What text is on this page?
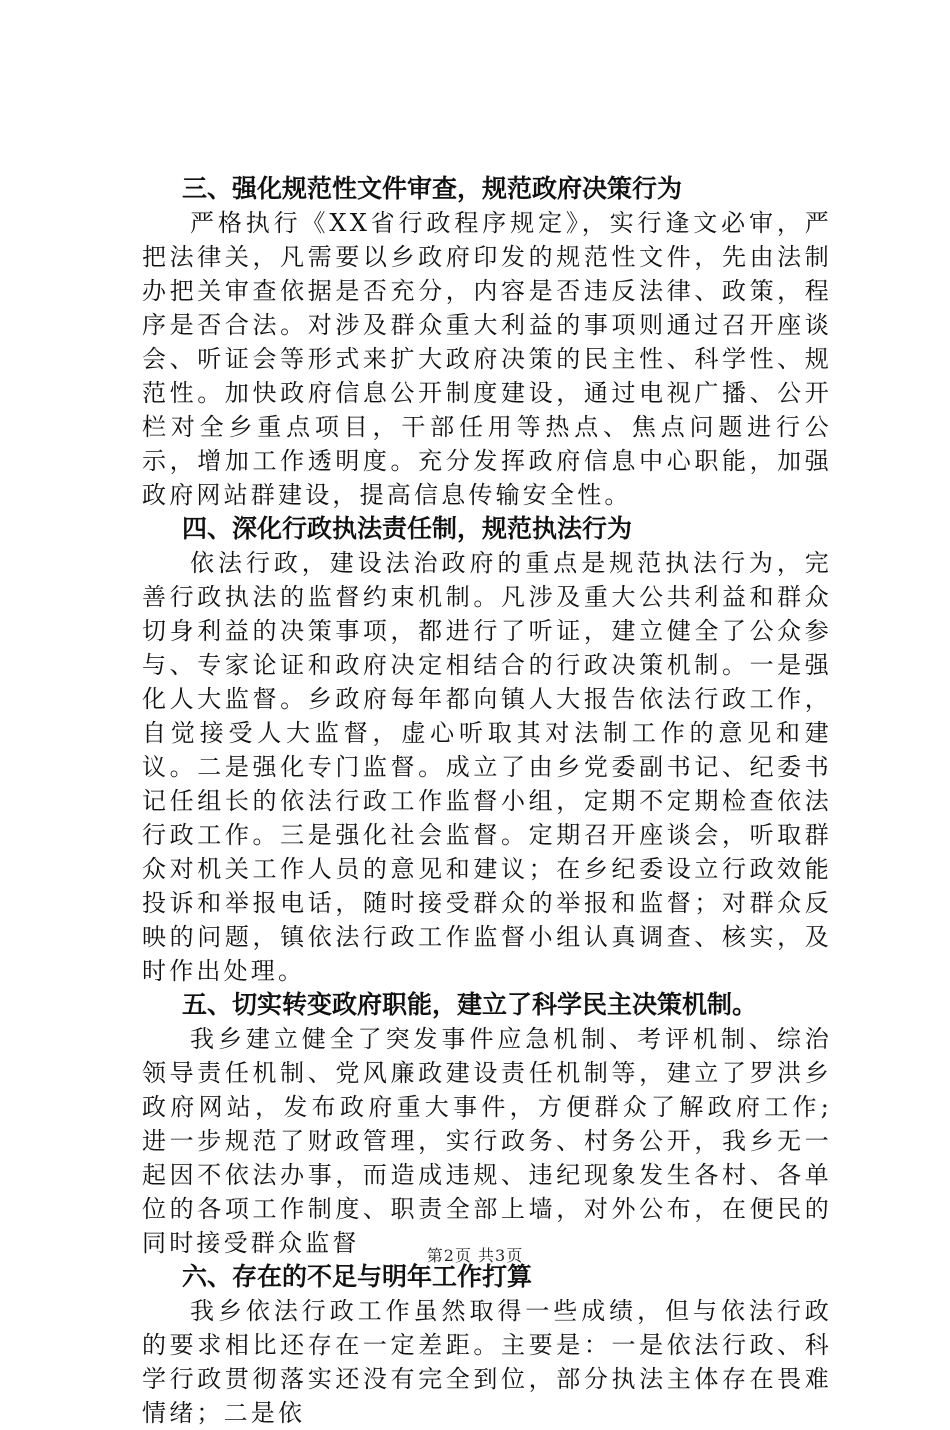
三、强化规范性文件审查，规范政府决策行为

严格执行《XX省行政程序规定》，实行逢文必审，严把法律关，凡需要以乡政府印发的规范性文件，先由法制办把关审查依据是否充分，内容是否违反法律、政策，程序是否合法。对涉及群众重大利益的事项则通过召开座谈会、听证会等形式来扩大政府决策的民主性、科学性、规范性。加快政府信息公开制度建设，通过电视广播、公开栏对全乡重点项目，干部任用等热点、焦点问题进行公示，增加工作透明度。充分发挥政府信息中心职能，加强政府网站群建设，提高信息传输安全性。

四、深化行政执法责任制，规范执法行为

依法行政，建设法治政府的重点是规范执法行为，完善行政执法的监督约束机制。凡涉及重大公共利益和群众切身利益的决策事项，都进行了听证，建立健全了公众参与、专家论证和政府决定相结合的行政决策机制。一是强化人大监督。乡政府每年都向镇人大报告依法行政工作，自觉接受人大监督，虚心听取其对法制工作的意见和建议。二是强化专门监督。成立了由乡党委副书记、纪委书记任组长的依法行政工作监督小组，定期不定期检查依法行政工作。三是强化社会监督。定期召开座谈会，听取群众对机关工作人员的意见和建议；在乡纪委设立行政效能投诉和举报电话，随时接受群众的举报和监督；对群众反映的问题，镇依法行政工作监督小组认真调查、核实，及时作出处理。

五、切实转变政府职能，建立了科学民主决策机制。

我乡建立健全了突发事件应急机制、考评机制、综治领导责任机制、党风廉政建设责任机制等，建立了罗洪乡政府网站，发布政府重大事件，方便群众了解政府工作;进一步规范了财政管理，实行政务、村务公开，我乡无一起因不依法办事，而造成违规、违纪现象发生各村、各单位的各项工作制度、职责全部上墙，对外公布，在便民的同时接受群众监督

六、存在的不足与明年工作打算

我乡依法行政工作虽然取得一些成绩，但与依法行政的要求相比还存在一定差距。主要是：一是依法行政、科学行政贯彻落实还没有完全到位，部分执法主体存在畏难情绪；二是依

第2页 共3页
